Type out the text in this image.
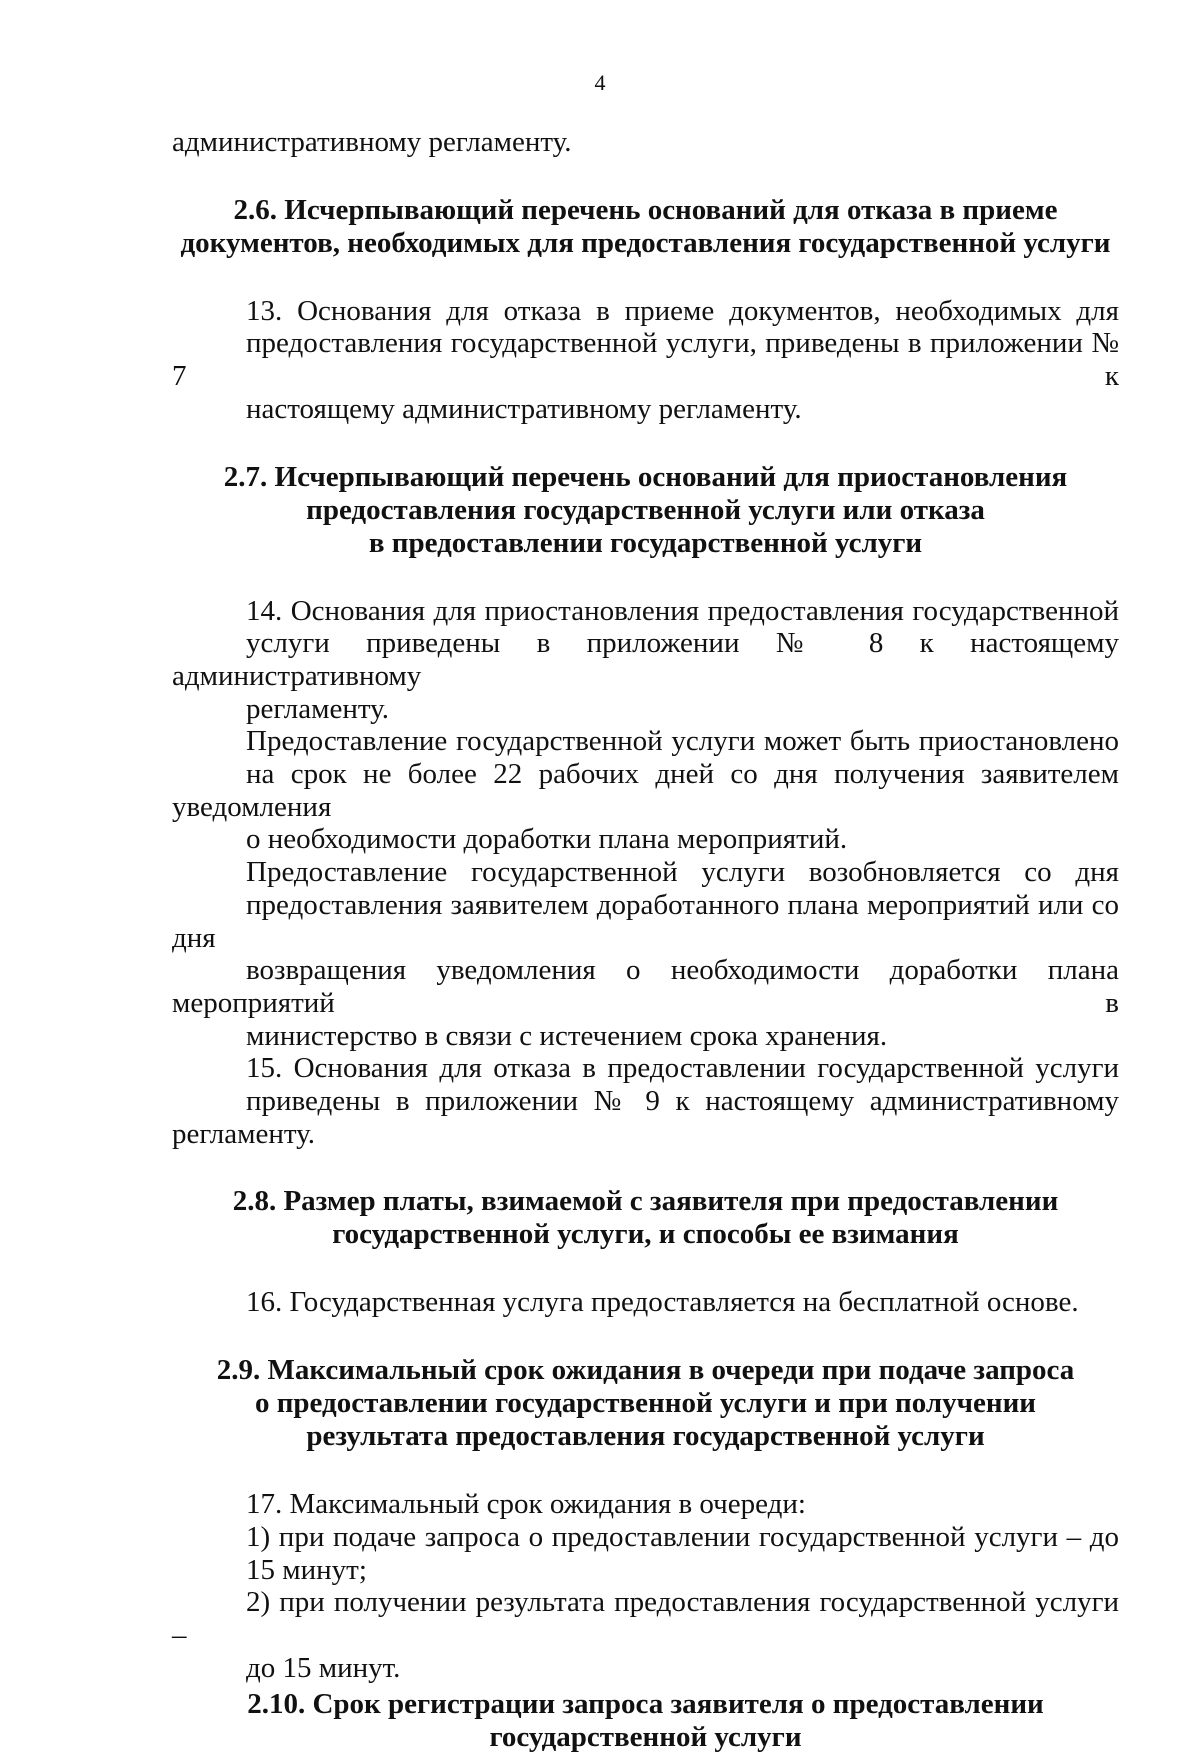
4

административному регламенту.

2.6. Исчерпывающий перечень оснований для отказа в приеме
документов, необходимых для предоставления государственной услуги

13. Основания для отказа в приеме документов, необходимых для
предоставления государственной услуги, приведены в приложении № 7 к
настоящему административному регламенту.

2.7. Исчерпывающий перечень оснований для приостановления
предоставления государственной услуги или отказа
в предоставлении государственной услуги

14. Основания для приостановления предоставления государственной
услуги приведены в приложении № 8 к настоящему административному
регламенту.

Предоставление государственной услуги может быть приостановлено
на срок не более 22 рабочих дней со дня получения заявителем уведомления
о необходимости доработки плана мероприятий.

Предоставление государственной услуги возобновляется со дня
предоставления заявителем доработанного плана мероприятий или со дня
возвращения уведомления о необходимости доработки плана мероприятий в
министерство в связи с истечением срока хранения.

15. Основания для отказа в предоставлении государственной услуги
приведены в приложении № 9 к настоящему административному регламенту.

2.8. Размер платы, взимаемой с заявителя при предоставлении
государственной услуги, и способы ее взимания

16. Государственная услуга предоставляется на бесплатной основе.

2.9. Максимальный срок ожидания в очереди при подаче запроса
о предоставлении государственной услуги и при получении
результата предоставления государственной услуги

17. Максимальный срок ожидания в очереди:

1) при подаче запроса о предоставлении государственной услуги – до
15 минут;

2) при получении результата предоставления государственной услуги –
до 15 минут.

2.10. Срок регистрации запроса заявителя о предоставлении
государственной услуги
